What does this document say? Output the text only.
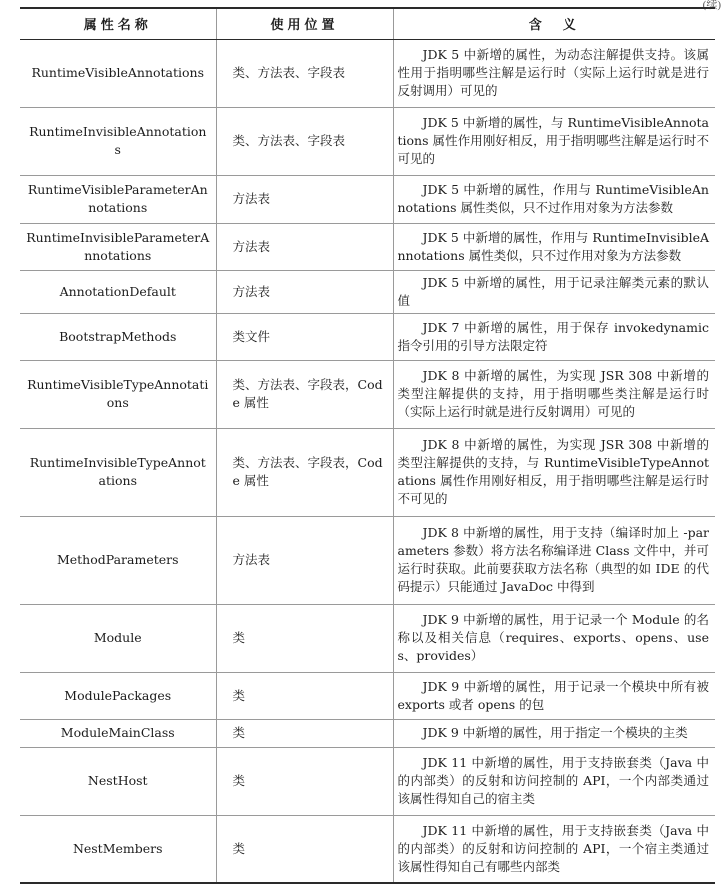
(续)
属性名称	使用位置	含　义
RuntimeVisibleAnnotations	类、方法表、字段表	JDK 5 中新增的属性，为动态注解提供支持。该属性用于指明哪些注解是运行时（实际上运行时就是进行反射调用）可见的
RuntimeInvisibleAnnotations	类、方法表、字段表	JDK 5 中新增的属性，与 RuntimeVisibleAnnotations 属性作用刚好相反，用于指明哪些注解是运行时不可见的
RuntimeVisibleParameterAnnotations	方法表	JDK 5 中新增的属性，作用与 RuntimeVisibleAnnotations 属性类似，只不过作用对象为方法参数
RuntimeInvisibleParameterAnnotations	方法表	JDK 5 中新增的属性，作用与 RuntimeInvisibleAnnotations 属性类似，只不过作用对象为方法参数
AnnotationDefault	方法表	JDK 5 中新增的属性，用于记录注解类元素的默认值
BootstrapMethods	类文件	JDK 7 中新增的属性，用于保存 invokedynamic 指令引用的引导方法限定符
RuntimeVisibleTypeAnnotations	类、方法表、字段表，Code 属性	JDK 8 中新增的属性，为实现 JSR 308 中新增的类型注解提供的支持，用于指明哪些类注解是运行时（实际上运行时就是进行反射调用）可见的
RuntimeInvisibleTypeAnnotations	类、方法表、字段表，Code 属性	JDK 8 中新增的属性，为实现 JSR 308 中新增的类型注解提供的支持，与 RuntimeVisibleTypeAnnotations 属性作用刚好相反，用于指明哪些注解是运行时不可见的
MethodParameters	方法表	JDK 8 中新增的属性，用于支持（编译时加上 -parameters 参数）将方法名称编译进 Class 文件中，并可运行时获取。此前要获取方法名称（典型的如 IDE 的代码提示）只能通过 JavaDoc 中得到
Module	类	JDK 9 中新增的属性，用于记录一个 Module 的名称以及相关信息（requires、exports、opens、uses、provides）
ModulePackages	类	JDK 9 中新增的属性，用于记录一个模块中所有被 exports 或者 opens 的包
ModuleMainClass	类	JDK 9 中新增的属性，用于指定一个模块的主类
NestHost	类	JDK 11 中新增的属性，用于支持嵌套类（Java 中的内部类）的反射和访问控制的 API，一个内部类通过该属性得知自己的宿主类
NestMembers	类	JDK 11 中新增的属性，用于支持嵌套类（Java 中的内部类）的反射和访问控制的 API，一个宿主类通过该属性得知自己有哪些内部类
